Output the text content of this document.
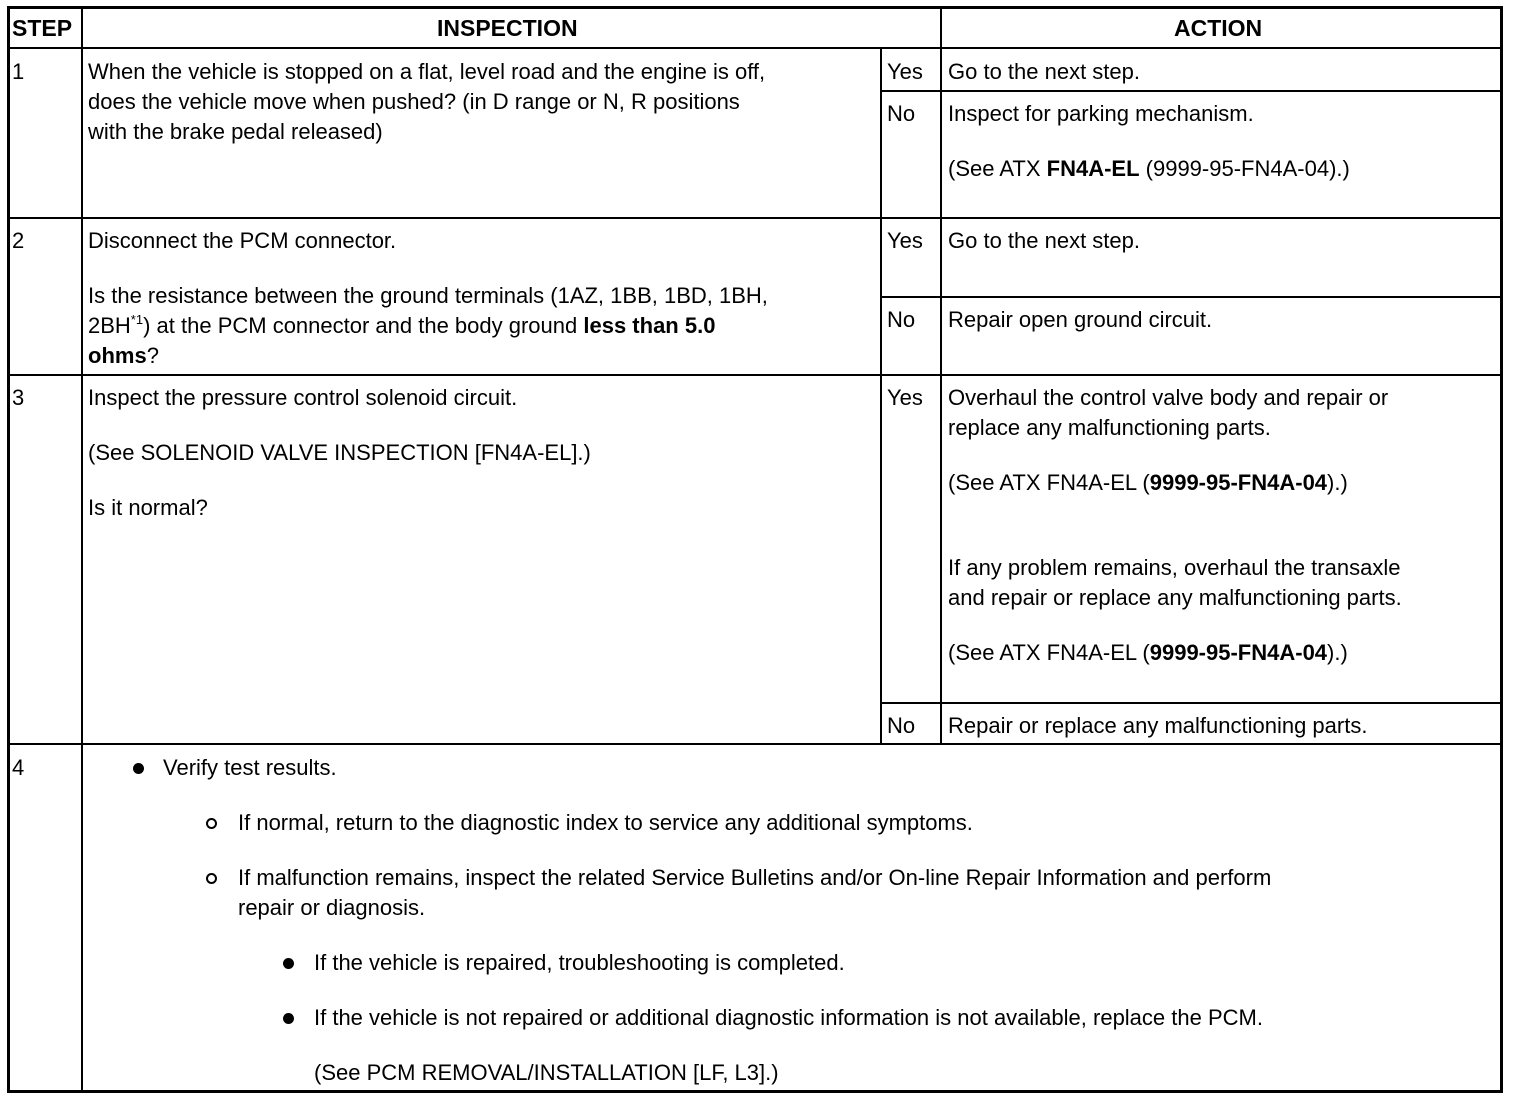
STEP	INSPECTION	ACTION
1	When the vehicle is stopped on a flat, level road and the engine is off,
does the vehicle move when pushed? (in D range or N, R positions
with the brake pedal released)
Yes Go to the next step.
No Inspect for parking mechanism.
(See ATX FN4A-EL (9999-95-FN4A-04).)
2	Disconnect the PCM connector.
Is the resistance between the ground terminals (1AZ, 1BB, 1BD, 1BH,
2BH$^{*1}$) at the PCM connector and the body ground less than 5.0
ohms?
Yes Go to the next step.
No Repair open ground circuit.
3	Inspect the pressure control solenoid circuit.
(See SOLENOID VALVE INSPECTION [FN4A-EL].)
Is it normal?
Yes Overhaul the control valve body and repair or
replace any malfunctioning parts.
(See ATX FN4A-EL (9999-95-FN4A-04).)
If any problem remains, overhaul the transaxle
and repair or replace any malfunctioning parts.
(See ATX FN4A-EL (9999-95-FN4A-04).)
No Repair or replace any malfunctioning parts.
4	Verify test results.
If normal, return to the diagnostic index to service any additional symptoms.
If malfunction remains, inspect the related Service Bulletins and/or On-line Repair Information and perform
repair or diagnosis.
If the vehicle is repaired, troubleshooting is completed.
If the vehicle is not repaired or additional diagnostic information is not available, replace the PCM.
(See PCM REMOVAL/INSTALLATION [LF, L3].)
